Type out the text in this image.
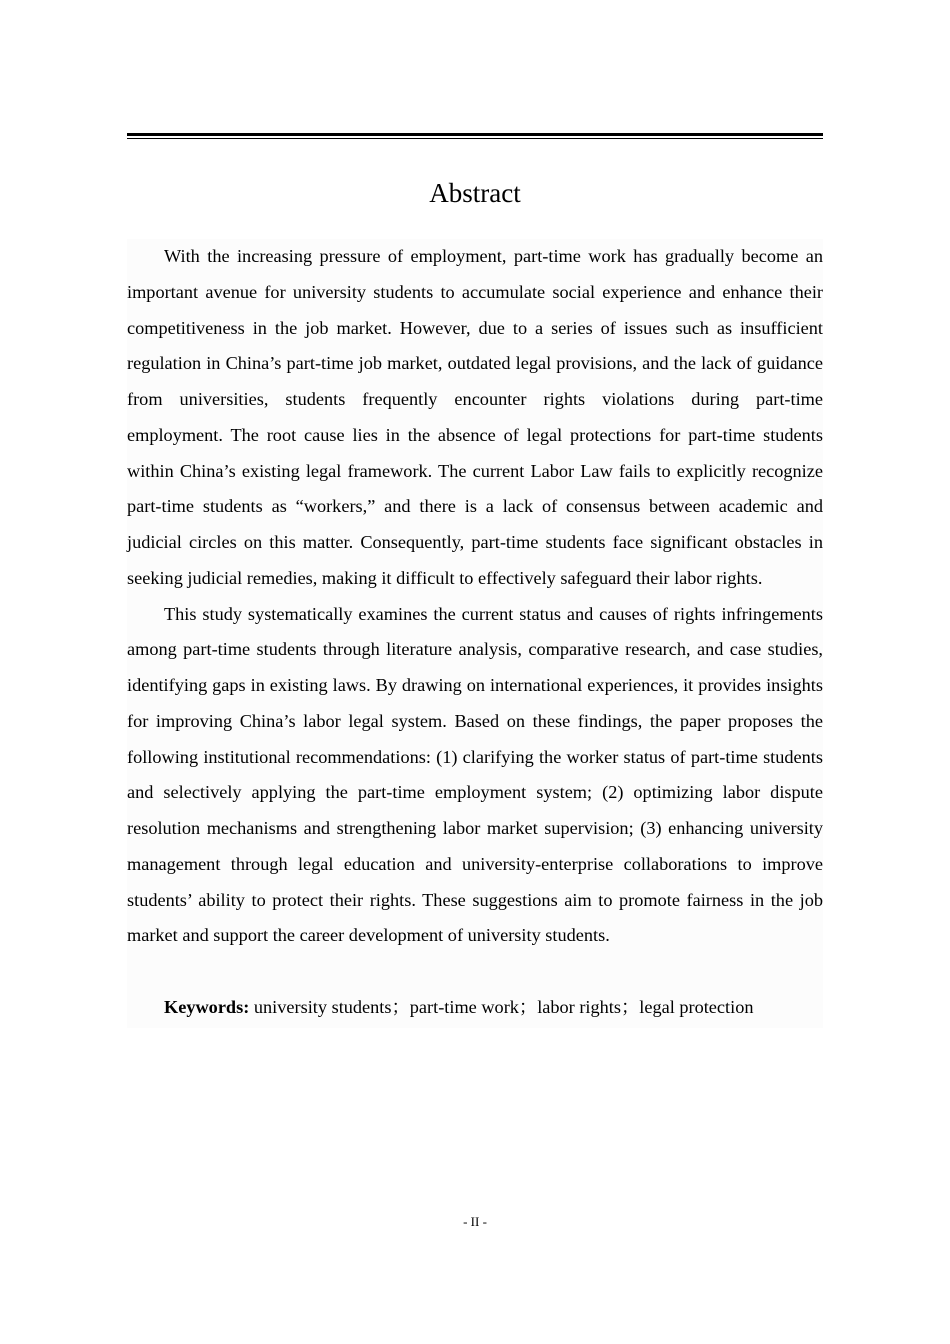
Abstract

With the increasing pressure of employment, part-time work has gradually become an important avenue for university students to accumulate social experience and enhance their competitiveness in the job market. However, due to a series of issues such as insufficient regulation in China’s part-time job market, outdated legal provisions, and the lack of guidance from universities, students frequently encounter rights violations during part-time employment. The root cause lies in the absence of legal protections for part-time students within China’s existing legal framework. The current Labor Law fails to explicitly recognize part-time students as “workers,” and there is a lack of consensus between academic and judicial circles on this matter. Consequently, part-time students face significant obstacles in seeking judicial remedies, making it difficult to effectively safeguard their labor rights.

This study systematically examines the current status and causes of rights infringements among part-time students through literature analysis, comparative research, and case studies, identifying gaps in existing laws. By drawing on international experiences, it provides insights for improving China’s labor legal system. Based on these findings, the paper proposes the following institutional recommendations: (1) clarifying the worker status of part-time students and selectively applying the part-time employment system; (2) optimizing labor dispute resolution mechanisms and strengthening labor market supervision; (3) enhancing university management through legal education and university-enterprise collaborations to improve students’ ability to protect their rights. These suggestions aim to promote fairness in the job market and support the career development of university students.

Keywords: university students；part-time work；labor rights；legal protection

- II -
